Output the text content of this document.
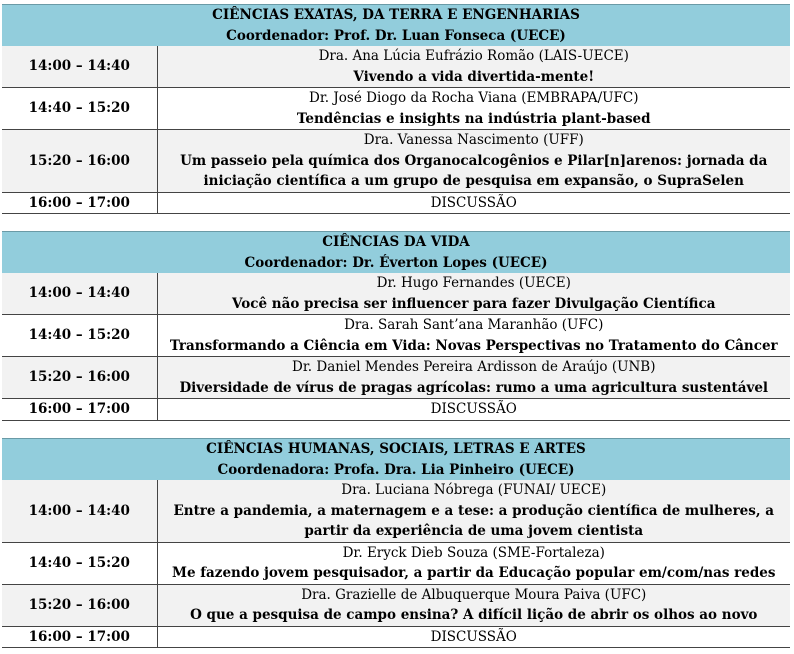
CIÊNCIAS EXATAS, DA TERRA E ENGENHARIAS	
Coordenador: Prof. Dr. Luan Fonseca (UECE)	
14:00 – 14:40	Dra. Ana Lúcia Eufrázio Romão (LAIS-UECE)
Vivendo a vida divertida-mente!

14:40 – 15:20	Dr. José Diogo da Rocha Viana (EMBRAPA/UFC)
Tendências e insights na indústria plant-based

15:20 – 16:00	Dra. Vanessa Nascimento (UFF)
Um passeio pela química dos Organocalcogênios e Pilar[n]arenos: jornada da
iniciação científica a um grupo de pesquisa em expansão, o SupraSelen

16:00 – 17:00	DISCUSSÃO
CIÊNCIAS DA VIDA	
Coordenador: Dr. Éverton Lopes (UECE)	
14:00 – 14:40	Dr. Hugo Fernandes (UECE)
Você não precisa ser influencer para fazer Divulgação Científica

14:40 – 15:20	Dra. Sarah Sant’ana Maranhão (UFC)
Transformando a Ciência em Vida: Novas Perspectivas no Tratamento do Câncer

15:20 – 16:00	Dr. Daniel Mendes Pereira Ardisson de Araújo (UNB)
Diversidade de vírus de pragas agrícolas: rumo a uma agricultura sustentável

16:00 – 17:00	DISCUSSÃO
CIÊNCIAS HUMANAS, SOCIAIS, LETRAS E ARTES	
Coordenadora: Profa. Dra. Lia Pinheiro (UECE)	
14:00 – 14:40	Dra. Luciana Nóbrega (FUNAI/ UECE)
Entre a pandemia, a maternagem e a tese: a produção científica de mulheres, a
partir da experiência de uma jovem cientista

14:40 – 15:20	Dr. Eryck Dieb Souza (SME-Fortaleza)
Me fazendo jovem pesquisador, a partir da Educação popular em/com/nas redes

15:20 – 16:00	Dra. Grazielle de Albuquerque Moura Paiva (UFC)
O que a pesquisa de campo ensina? A difícil lição de abrir os olhos ao novo

16:00 – 17:00	DISCUSSÃO
